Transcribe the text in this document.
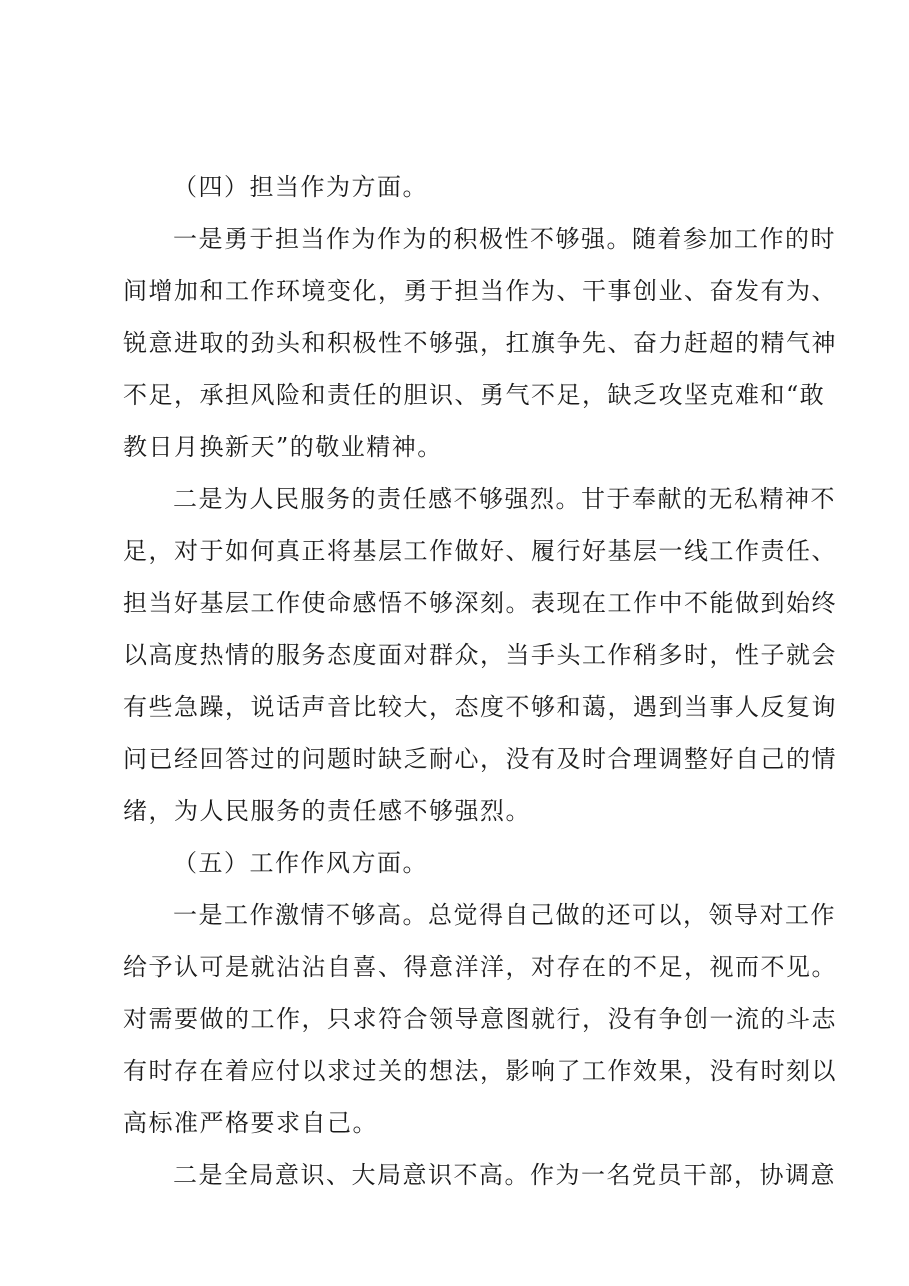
（四）担当作为方面。
一是勇于担当作为作为的积极性不够强。随着参加工作的时
间增加和工作环境变化，勇于担当作为、干事创业、奋发有为、
锐意进取的劲头和积极性不够强，扛旗争先、奋力赶超的精气神
不足，承担风险和责任的胆识、勇气不足，缺乏攻坚克难和“敢
教日月换新天”的敬业精神。
二是为人民服务的责任感不够强烈。甘于奉献的无私精神不
足，对于如何真正将基层工作做好、履行好基层一线工作责任、
担当好基层工作使命感悟不够深刻。表现在工作中不能做到始终
以高度热情的服务态度面对群众，当手头工作稍多时，性子就会
有些急躁，说话声音比较大，态度不够和蔼，遇到当事人反复询
问已经回答过的问题时缺乏耐心，没有及时合理调整好自己的情
绪，为人民服务的责任感不够强烈。
（五）工作作风方面。
一是工作激情不够高。总觉得自己做的还可以，领导对工作
给予认可是就沾沾自喜、得意洋洋，对存在的不足，视而不见。
对需要做的工作，只求符合领导意图就行，没有争创一流的斗志
有时存在着应付以求过关的想法，影响了工作效果，没有时刻以
高标准严格要求自己。
二是全局意识、大局意识不高。作为一名党员干部，协调意
